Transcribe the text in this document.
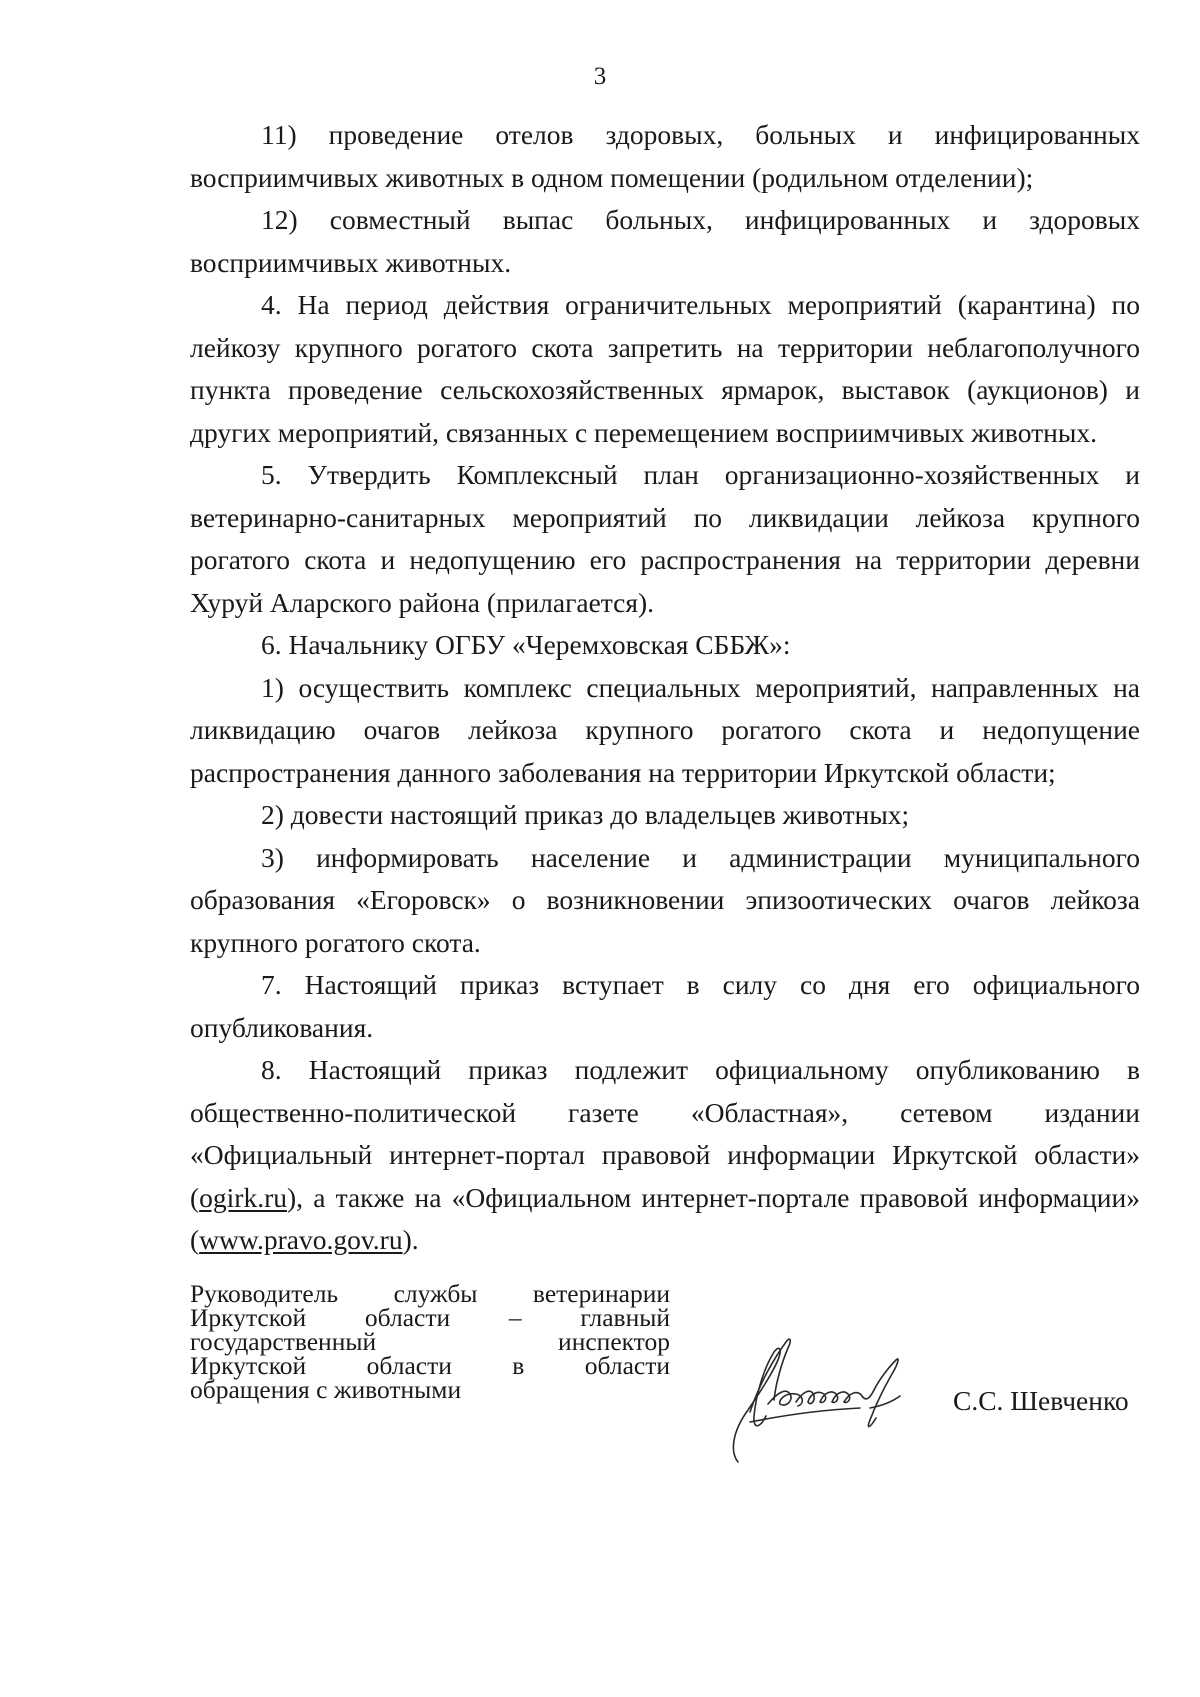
3

11) проведение отелов здоровых, больных и инфицированных восприимчивых животных в одном помещении (родильном отделении);

12) совместный выпас больных, инфицированных и здоровых восприимчивых животных.

4. На период действия ограничительных мероприятий (карантина) по лейкозу крупного рогатого скота запретить на территории неблагополучного пункта проведение сельскохозяйственных ярмарок, выставок (аукционов) и других мероприятий, связанных с перемещением восприимчивых животных.

5. Утвердить Комплексный план организационно-хозяйственных и ветеринарно-санитарных мероприятий по ликвидации лейкоза крупного рогатого скота и недопущению его распространения на территории деревни Хуруй Аларского района (прилагается).

6. Начальнику ОГБУ «Черемховская СББЖ»:

1) осуществить комплекс специальных мероприятий, направленных на ликвидацию очагов лейкоза крупного рогатого скота и недопущение распространения данного заболевания на территории Иркутской области;

2) довести настоящий приказ до владельцев животных;

3) информировать население и администрации муниципального образования «Егоровск» о возникновении эпизоотических очагов лейкоза крупного рогатого скота.

7. Настоящий приказ вступает в силу со дня его официального опубликования.

8. Настоящий приказ подлежит официальному опубликованию в общественно-политической газете «Областная», сетевом издании «Официальный интернет-портал правовой информации Иркутской области» (ogirk.ru), а также на «Официальном интернет-портале правовой информации» (www.pravo.gov.ru).

Руководитель службы ветеринарии
Иркутской области – главный
государственный инспектор
Иркутской области в области
обращения с животными	С.С. Шевченко
